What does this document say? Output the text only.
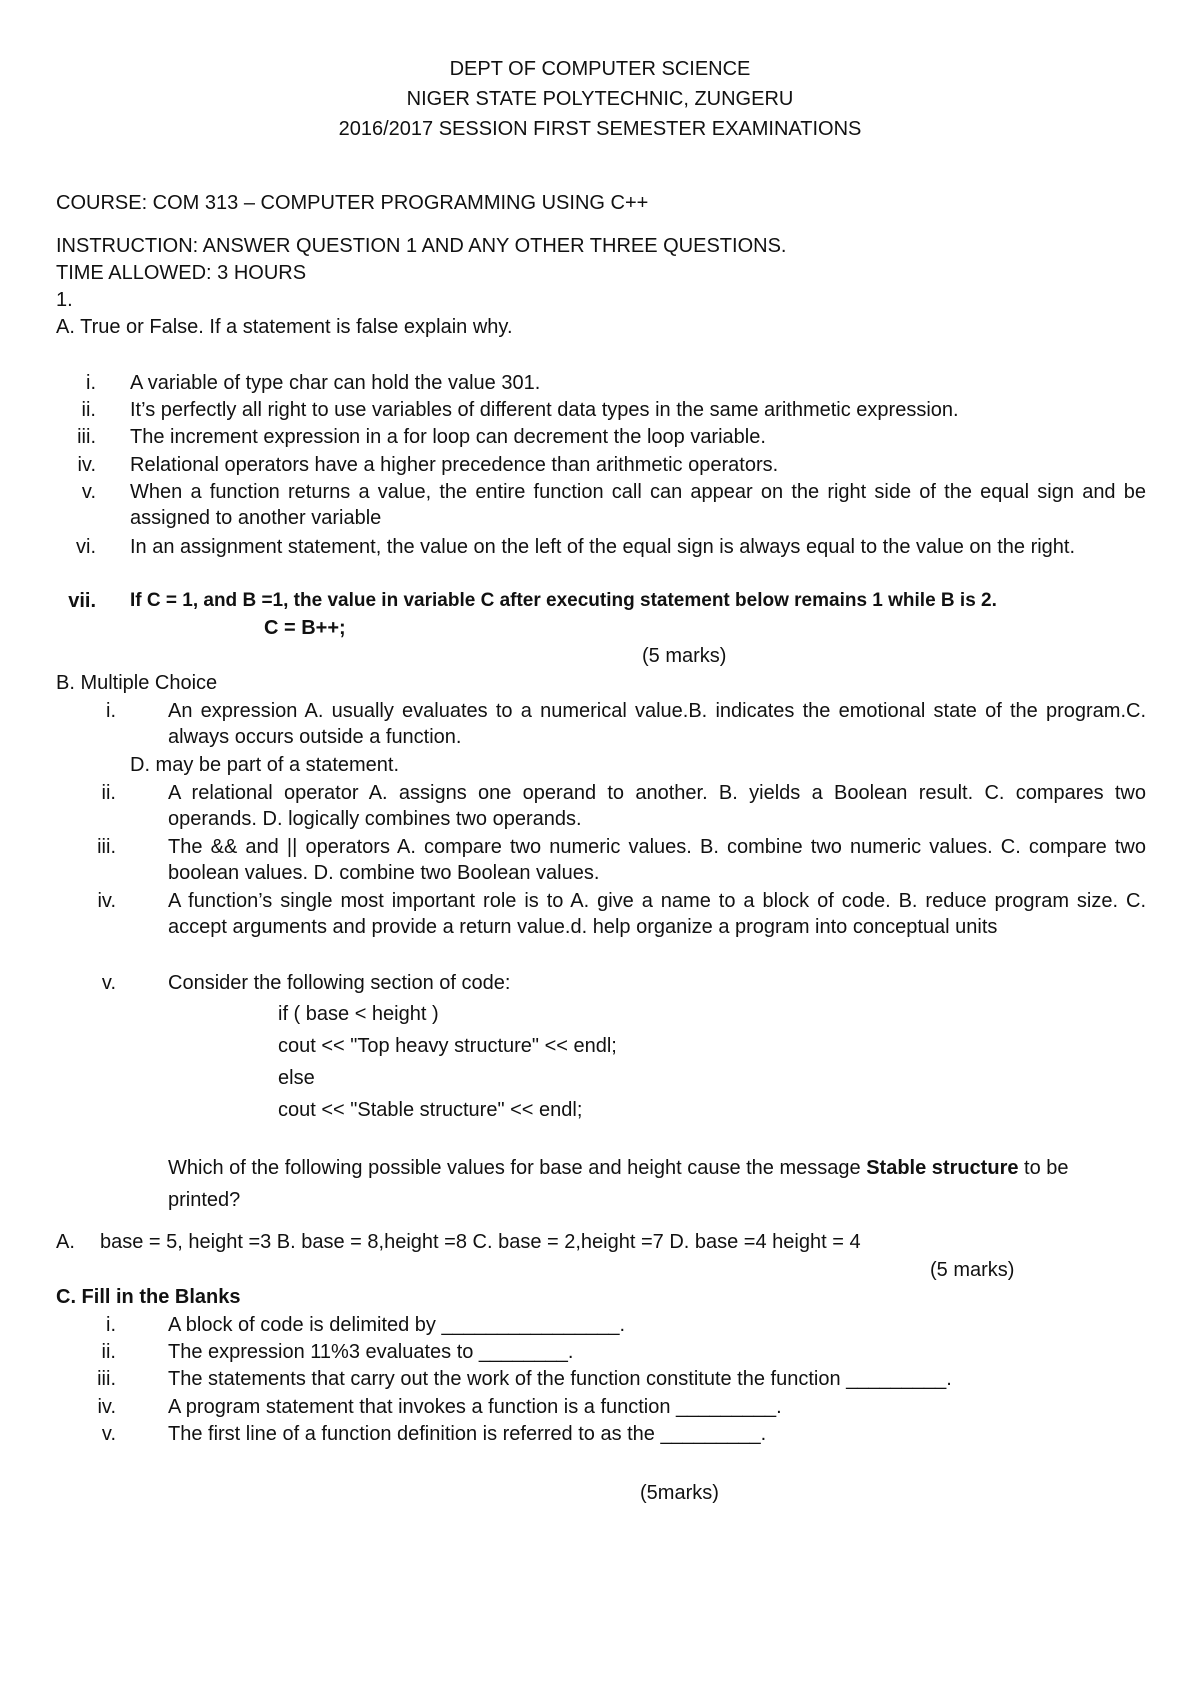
DEPT OF COMPUTER SCIENCE
NIGER STATE POLYTECHNIC, ZUNGERU
2016/2017 SESSION FIRST SEMESTER EXAMINATIONS
COURSE: COM 313 – COMPUTER PROGRAMMING USING C++
INSTRUCTION: ANSWER QUESTION 1 AND ANY OTHER THREE QUESTIONS.
TIME ALLOWED: 3 HOURS
1.
A. True or False. If a statement is false explain why.
i. A variable of type char can hold the value 301.
ii. It’s perfectly all right to use variables of different data types in the same arithmetic expression.
iii. The increment expression in a for loop can decrement the loop variable.
iv. Relational operators have a higher precedence than arithmetic operators.
v. When a function returns a value, the entire function call can appear on the right side of the equal sign and be assigned to another variable
vi. In an assignment statement, the value on the left of the equal sign is always equal to the value on the right.
vii. If C = 1, and B =1, the value in variable C after executing statement below remains 1 while B is 2.
C = B++;
(5 marks)
B. Multiple Choice
i.	An expression A. usually evaluates to a numerical value.B. indicates the emotional state of the program.C. always occurs outside a function.
D. may be part of a statement.
ii.	A relational operator A. assigns one operand to another. B. yields a Boolean result. C. compares two operands. D. logically combines two operands.
iii.	The && and || operators A. compare two numeric values. B. combine two numeric values. C. compare two boolean values. D. combine two Boolean values.
iv.	A function’s single most important role is to A. give a name to a block of code. B. reduce program size. C. accept arguments and provide a return value.d. help organize a program into conceptual units
v.	Consider the following section of code:
if ( base < height )
cout << "Top heavy structure" << endl;
else
cout << "Stable structure" << endl;
Which of the following possible values for base and height cause the message Stable structure to be printed?
A. base = 5, height =3 B. base = 8,height =8 C. base = 2,height =7 D. base =4 height = 4
(5 marks)
C. Fill in the Blanks
i.	A block of code is delimited by ________________.
ii.	The expression 11%3 evaluates to ________.
iii.	The statements that carry out the work of the function constitute the function _________.
iv.	A program statement that invokes a function is a function _________.
v.	The first line of a function definition is referred to as the _________.
(5marks)
